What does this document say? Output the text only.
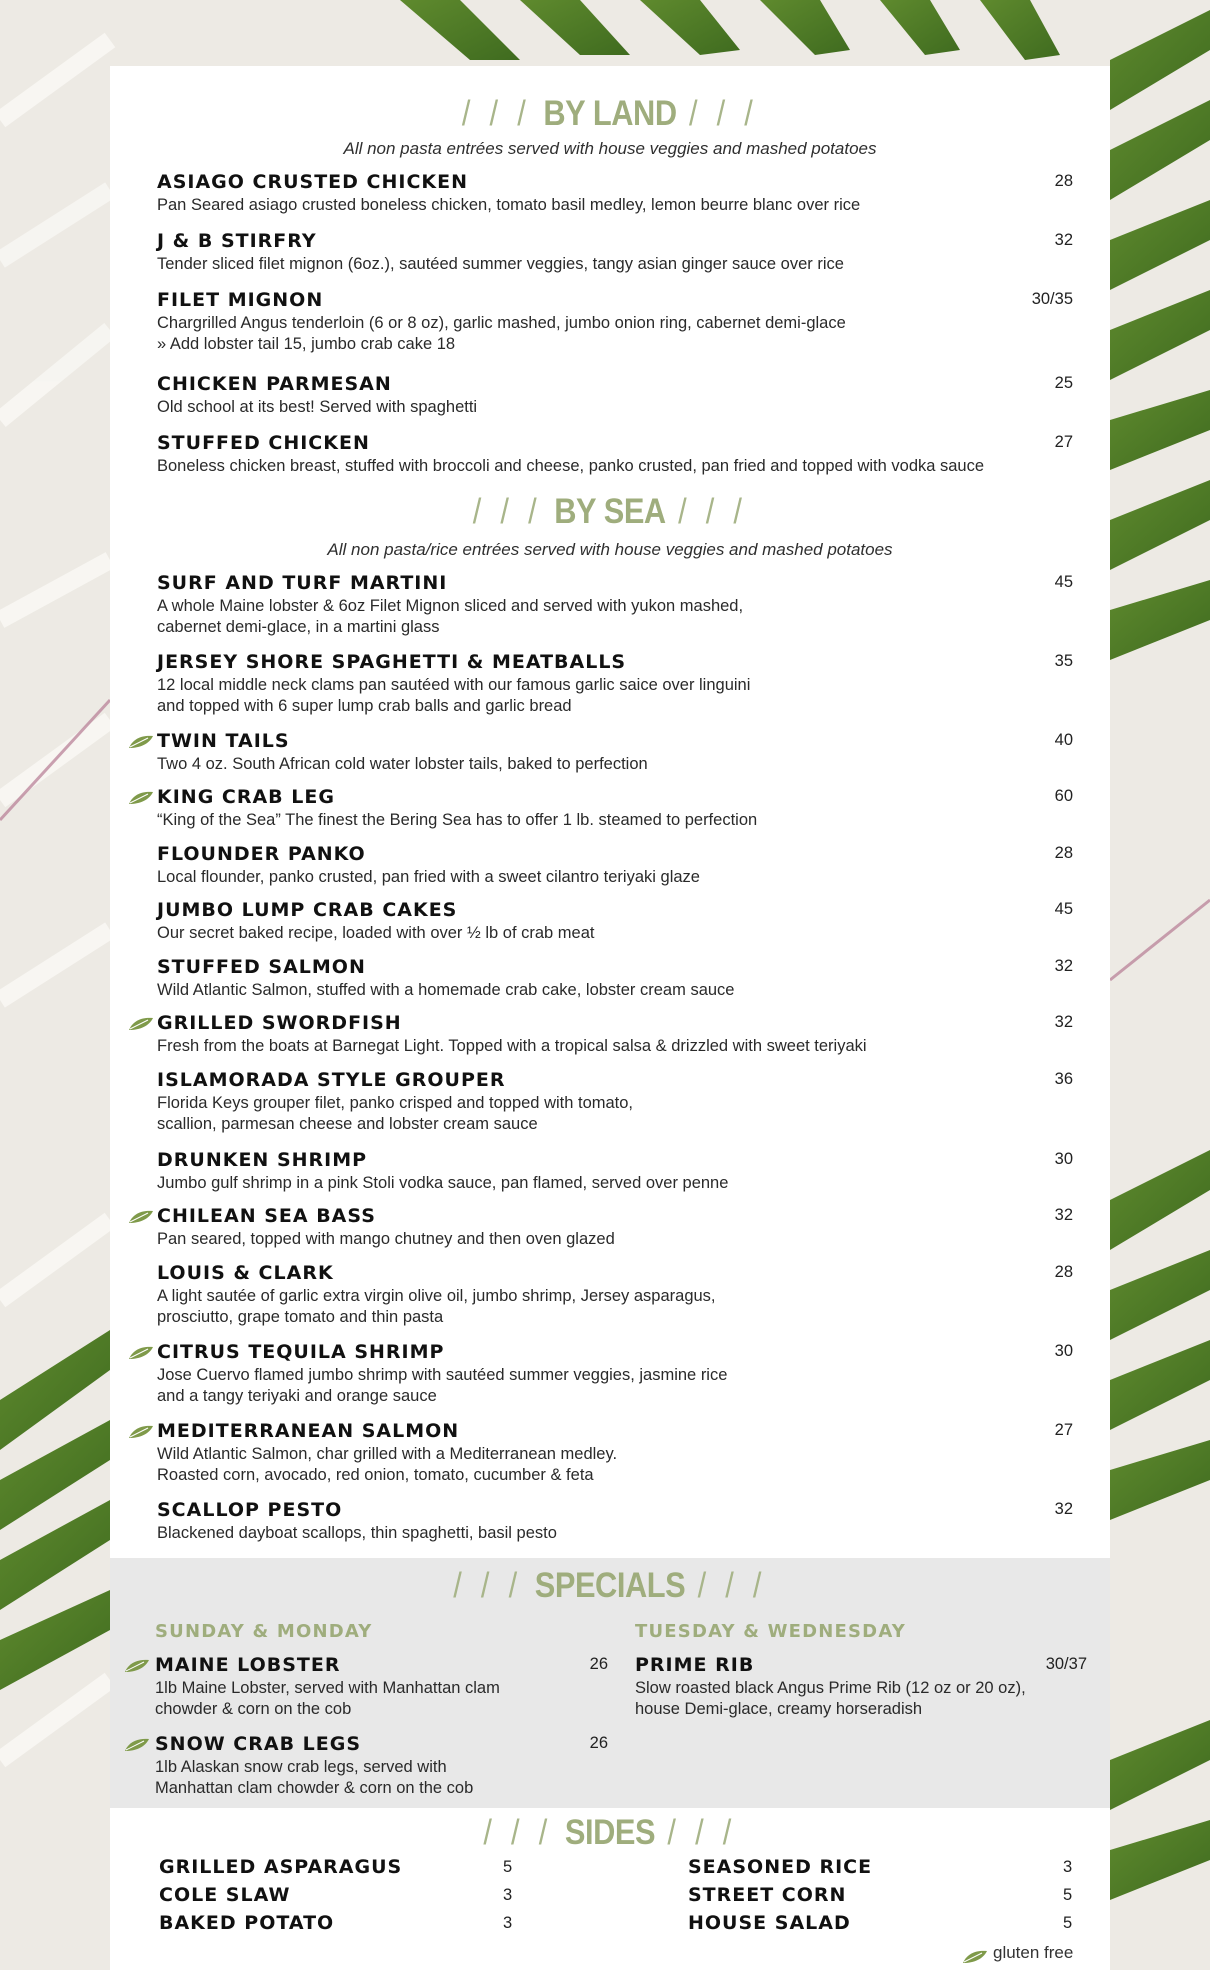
/ / / BY LAND / / /
All non pasta entrées served with house veggies and mashed potatoes
ASIAGO CRUSTED CHICKEN
Pan Seared asiago crusted boneless chicken, tomato basil medley, lemon beurre blanc over rice
28
J & B STIRFRY
Tender sliced filet mignon (6oz.), sautéed summer veggies, tangy asian ginger sauce over rice
32
FILET MIGNON
Chargrilled Angus tenderloin (6 or 8 oz), garlic mashed, jumbo onion ring, cabernet demi-glace
» Add lobster tail 15, jumbo crab cake 18
30/35
CHICKEN PARMESAN
Old school at its best! Served with spaghetti
25
STUFFED CHICKEN
Boneless chicken breast, stuffed with broccoli and cheese, panko crusted, pan fried and topped with vodka sauce
27
/ / / BY SEA / / /
All non pasta/rice entrées served with house veggies and mashed potatoes
SURF AND TURF MARTINI
A whole Maine lobster & 6oz Filet Mignon sliced and served with yukon mashed,
cabernet demi-glace, in a martini glass
45
JERSEY SHORE SPAGHETTI & MEATBALLS
12 local middle neck clams pan sautéed with our famous garlic saice over linguini
and topped with 6 super lump crab balls and garlic bread
35
TWIN TAILS
Two 4 oz. South African cold water lobster tails, baked to perfection
40
KING CRAB LEG
“King of the Sea” The finest the Bering Sea has to offer 1 lb. steamed to perfection
60
FLOUNDER PANKO
Local flounder, panko crusted, pan fried with a sweet cilantro teriyaki glaze
28
JUMBO LUMP CRAB CAKES
Our secret baked recipe, loaded with over ½ lb of crab meat
45
STUFFED SALMON
Wild Atlantic Salmon, stuffed with a homemade crab cake, lobster cream sauce
32
GRILLED SWORDFISH
Fresh from the boats at Barnegat Light. Topped with a tropical salsa & drizzled with sweet teriyaki
32
ISLAMORADA STYLE GROUPER
Florida Keys grouper filet, panko crisped and topped with tomato,
scallion, parmesan cheese and lobster cream sauce
36
DRUNKEN SHRIMP
Jumbo gulf shrimp in a pink Stoli vodka sauce, pan flamed, served over penne
30
CHILEAN SEA BASS
Pan seared, topped with mango chutney and then oven glazed
32
LOUIS & CLARK
A light sautée of garlic extra virgin olive oil, jumbo shrimp, Jersey asparagus,
prosciutto, grape tomato and thin pasta
28
CITRUS TEQUILA SHRIMP
Jose Cuervo flamed jumbo shrimp with sautéed summer veggies, jasmine rice
and a tangy teriyaki and orange sauce
30
MEDITERRANEAN SALMON
Wild Atlantic Salmon, char grilled with a Mediterranean medley.
Roasted corn, avocado, red onion, tomato, cucumber & feta
27
SCALLOP PESTO
Blackened dayboat scallops, thin spaghetti, basil pesto
32
/ / / SPECIALS / / /
SUNDAY & MONDAY	TUESDAY & WEDNESDAY
MAINE LOBSTER
1lb Maine Lobster, served with Manhattan clam
chowder & corn on the cob
26
SNOW CRAB LEGS
1lb Alaskan snow crab legs, served with
Manhattan clam chowder & corn on the cob
26
PRIME RIB
Slow roasted black Angus Prime Rib (12 oz or 20 oz),
house Demi-glace, creamy horseradish
30/37
/ / / SIDES / / /
GRILLED ASPARAGUS	5
COLE SLAW	3
BAKED POTATO	3
SEASONED RICE	3
STREET CORN	5
HOUSE SALAD	5
gluten free
